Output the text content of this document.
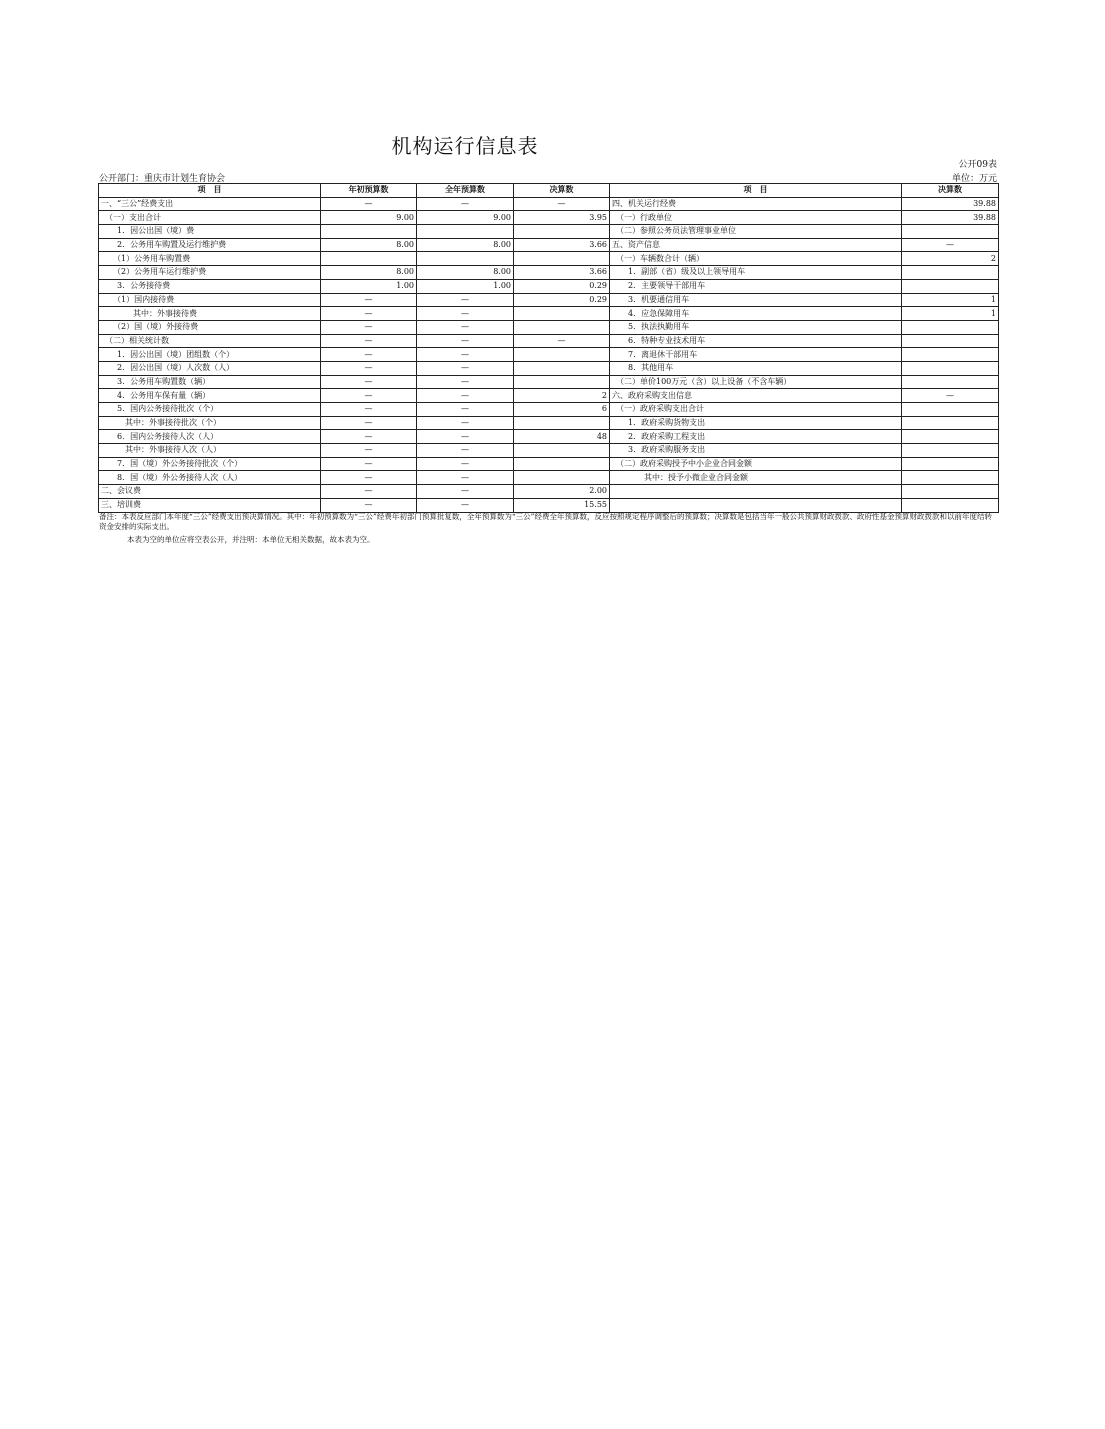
机构运行信息表
公开09表
公开部门：重庆市计划生育协会	单位：万元
项　目	年初预算数	全年预算数	决算数	项　目	决算数
一、“三公”经费支出	—	—	—	四、机关运行经费	39.88
　（一）支出合计	9.00	9.00	3.95	　（一）行政单位	39.88
　　1．因公出国（境）费				　（二）参照公务员法管理事业单位	
　　2．公务用车购置及运行维护费	8.00	8.00	3.66	五、资产信息	—
　　（1）公务用车购置费				　（一）车辆数合计（辆）	2
　　（2）公务用车运行维护费	8.00	8.00	3.66	　　1．副部（省）级及以上领导用车	
　　3．公务接待费	1.00	1.00	0.29	　　2．主要领导干部用车	
　　（1）国内接待费	—	—	0.29	　　3．机要通信用车	1
　　　　其中：外事接待费	—	—		　　4．应急保障用车	1
　　（2）国（境）外接待费	—	—		　　5．执法执勤用车	
　（二）相关统计数	—	—	—	　　6．特种专业技术用车	
　　1．因公出国（境）团组数（个）	—	—		　　7．离退休干部用车	
　　2．因公出国（境）人次数（人）	—	—		　　8．其他用车	
　　3．公务用车购置数（辆）	—	—		　（二）单价100万元（含）以上设备（不含车辆）	
　　4．公务用车保有量（辆）	—	—	2	六、政府采购支出信息	—
　　5．国内公务接待批次（个）	—	—	6	　（一）政府采购支出合计	
　　　其中：外事接待批次（个）	—	—		　　1．政府采购货物支出	
　　6．国内公务接待人次（人）	—	—	48	　　2．政府采购工程支出	
　　　其中：外事接待人次（人）	—	—		　　3．政府采购服务支出	
　　7．国（境）外公务接待批次（个）	—	—		　（二）政府采购授予中小企业合同金额	
　　8．国（境）外公务接待人次（人）	—	—		　　　　其中：授予小微企业合同金额	
二、会议费	—	—	2.00		
三、培训费	—	—	15.55		

备注：本表反应部门本年度“三公”经费支出预决算情况。其中：年初预算数为“三公”经费年初部门预算批复数，全年预算数为“三公”经费全年预算数，反应按照规定程序调整后的预算数；决算数是包括当年一般公共预算财政拨款、政府性基金预算财政拨款和以前年度结转资金安排的实际支出。

本表为空的单位应将空表公开，并注明：本单位无相关数据，故本表为空。
